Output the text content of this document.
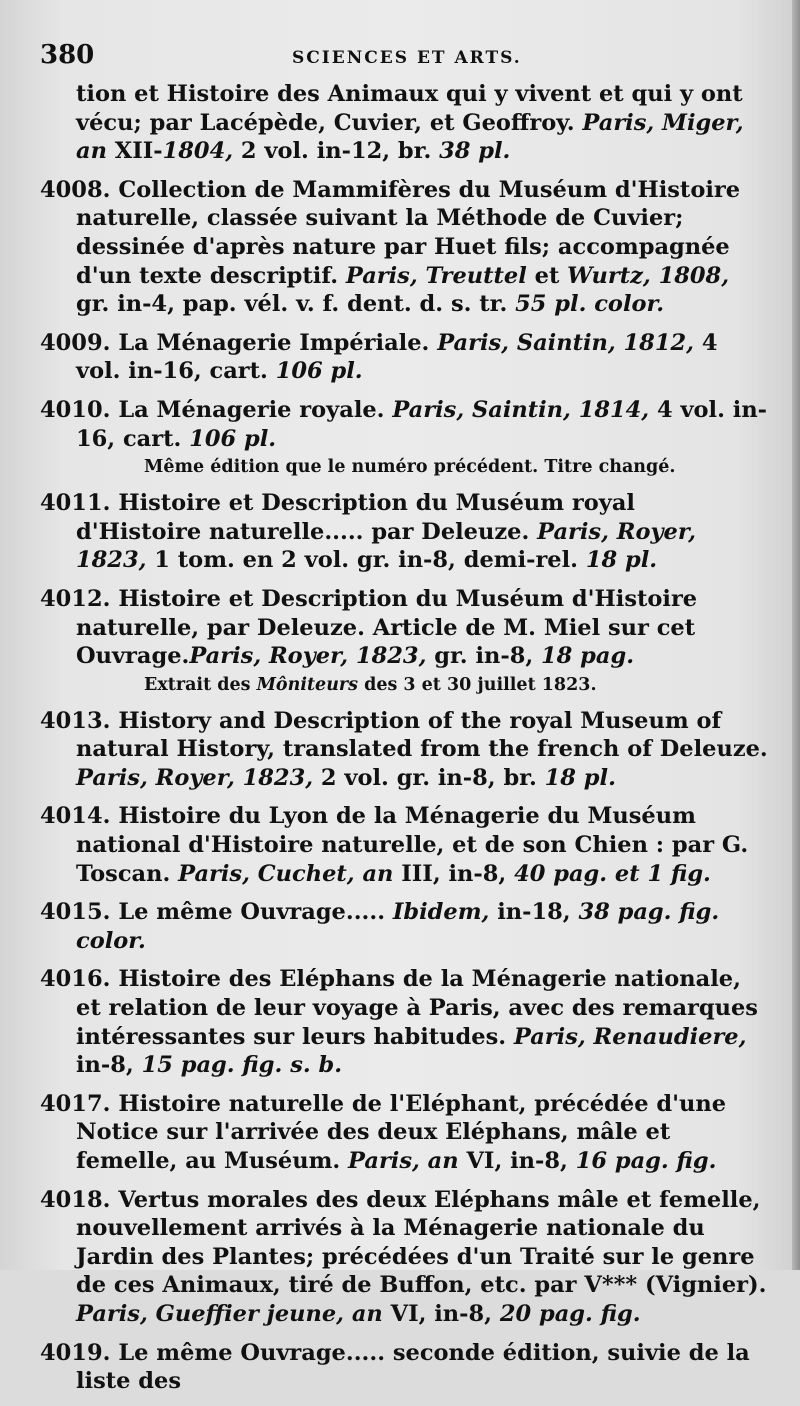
380	SCIENCES ET ARTS.

tion et Histoire des Animaux qui y vivent et qui y ont vécu; par Lacépède, Cuvier, et Geoffroy. Paris, Miger, an XII-1804, 2 vol. in-12, br. 38 pl.

4008. Collection de Mammifères du Muséum d'Histoire naturelle, classée suivant la Méthode de Cuvier; dessinée d'après nature par Huet fils; accompagnée d'un texte descriptif. Paris, Treuttel et Wurtz, 1808, gr. in-4, pap. vél. v. f. dent. d. s. tr. 55 pl. color.

4009. La Ménagerie Impériale. Paris, Saintin, 1812, 4 vol. in-16, cart. 106 pl.

4010. La Ménagerie royale. Paris, Saintin, 1814, 4 vol. in-16, cart. 106 pl.

Même édition que le numéro précédent. Titre changé.

4011. Histoire et Description du Muséum royal d'Histoire naturelle..... par Deleuze. Paris, Royer, 1823, 1 tom. en 2 vol. gr. in-8, demi-rel. 18 pl.

4012. Histoire et Description du Muséum d'Histoire naturelle, par Deleuze. Article de M. Miel sur cet Ouvrage.Paris, Royer, 1823, gr. in-8, 18 pag.

Extrait des Môniteurs des 3 et 30 juillet 1823.

4013. History and Description of the royal Museum of natural History, translated from the french of Deleuze. Paris, Royer, 1823, 2 vol. gr. in-8, br. 18 pl.

4014. Histoire du Lyon de la Ménagerie du Muséum national d'Histoire naturelle, et de son Chien : par G. Toscan. Paris, Cuchet, an III, in-8, 40 pag. et 1 fig.

4015. Le même Ouvrage..... Ibidem, in-18, 38 pag. fig. color.

4016. Histoire des Eléphans de la Ménagerie nationale, et relation de leur voyage à Paris, avec des remarques intéressantes sur leurs habitudes. Paris, Renaudiere, in-8, 15 pag. fig. s. b.

4017. Histoire naturelle de l'Eléphant, précédée d'une Notice sur l'arrivée des deux Eléphans, mâle et femelle, au Muséum. Paris, an VI, in-8, 16 pag. fig.

4018. Vertus morales des deux Eléphans mâle et femelle, nouvellement arrivés à la Ménagerie nationale du Jardin des Plantes; précédées d'un Traité sur le genre de ces Animaux, tiré de Buffon, etc. par V*** (Vignier). Paris, Gueffier jeune, an VI, in-8, 20 pag. fig.

4019. Le même Ouvrage..... seconde édition, suivie de la liste des
